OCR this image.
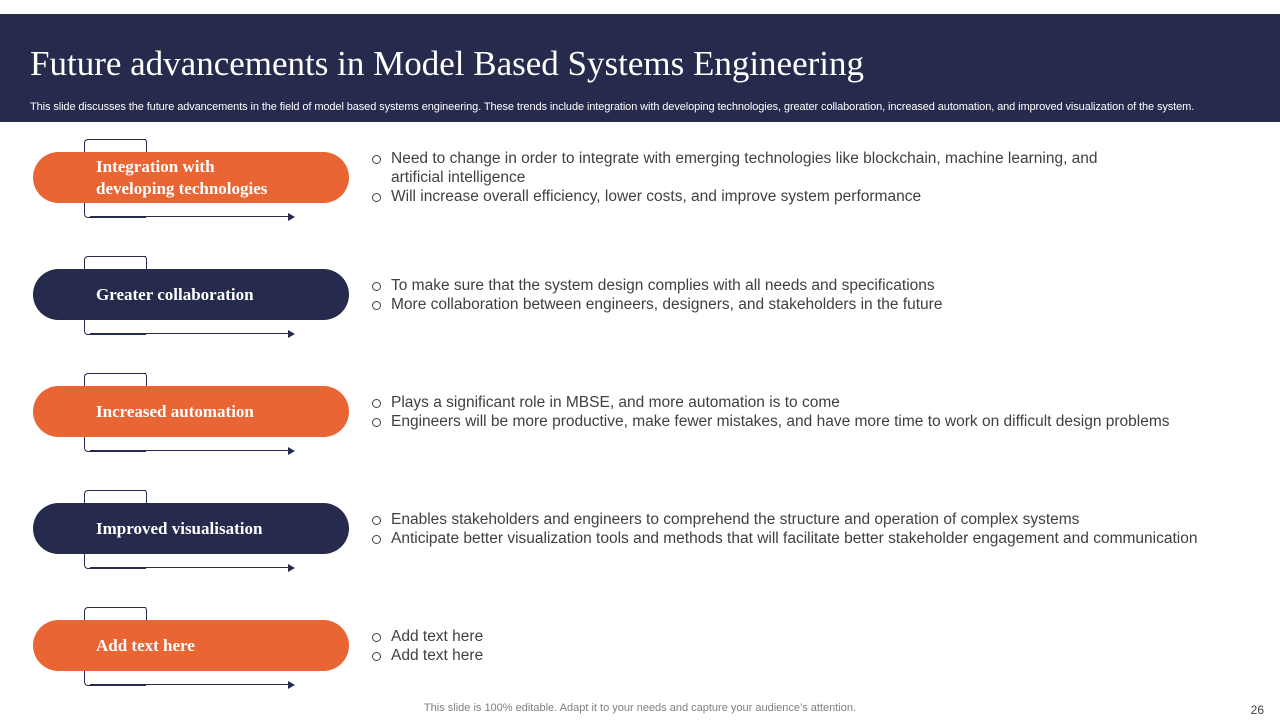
Future advancements in Model Based Systems Engineering
This slide discusses the future advancements in the field of model based systems engineering. These trends include integration with developing technologies, greater collaboration, increased automation, and improved visualization of the system.
Integration with developing technologies
Need to change in order to integrate with emerging technologies like blockchain, machine learning, and artificial intelligence
Will increase overall efficiency, lower costs, and improve system performance
Greater collaboration	To make sure that the system design complies with all needs and specifications
More collaboration between engineers, designers, and stakeholders in the future
Increased automation	Plays a significant role in MBSE, and more automation is to come
Engineers will be more productive, make fewer mistakes, and have more time to work on difficult design problems
Improved visualisation	Enables stakeholders and engineers to comprehend the structure and operation of complex systems
Anticipate better visualization tools and methods that will facilitate better stakeholder engagement and communication
Add text here	Add text here
Add text here
This slide is 100% editable. Adapt it to your needs and capture your audience’s attention.	26
